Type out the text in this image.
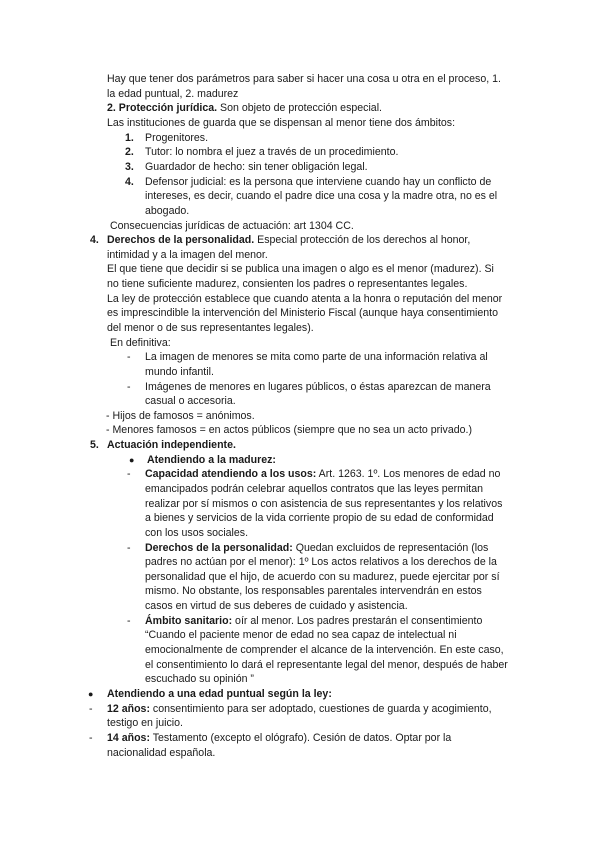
Hay que tener dos parámetros para saber si hacer una cosa u otra en el proceso, 1.
la edad puntual, 2. madurez
2. Protección jurídica. Son objeto de protección especial.
Las instituciones de guarda que se dispensan al menor tiene dos ámbitos:
1. Progenitores.
2. Tutor: lo nombra el juez a través de un procedimiento.
3. Guardador de hecho: sin tener obligación legal.
4. Defensor judicial: es la persona que interviene cuando hay un conflicto de
intereses, es decir, cuando el padre dice una cosa y la madre otra, no es el
abogado.
Consecuencias jurídicas de actuación: art 1304 CC.
4. Derechos de la personalidad. Especial protección de los derechos al honor,
intimidad y a la imagen del menor.
El que tiene que decidir si se publica una imagen o algo es el menor (madurez). Si
no tiene suficiente madurez, consienten los padres o representantes legales.
La ley de protección establece que cuando atenta a la honra o reputación del menor
es imprescindible la intervención del Ministerio Fiscal (aunque haya consentimiento
del menor o de sus representantes legales).
En definitiva:
- La imagen de menores se mita como parte de una información relativa al
mundo infantil.
- Imágenes de menores en lugares públicos, o éstas aparezcan de manera
casual o accesoria.
- Hijos de famosos = anónimos.
- Menores famosos = en actos públicos (siempre que no sea un acto privado.)
5. Actuación independiente.
● Atendiendo a la madurez:
- Capacidad atendiendo a los usos: Art. 1263. 1º. Los menores de edad no
emancipados podrán celebrar aquellos contratos que las leyes permitan
realizar por sí mismos o con asistencia de sus representantes y los relativos
a bienes y servicios de la vida corriente propio de su edad de conformidad
con los usos sociales.
- Derechos de la personalidad: Quedan excluidos de representación (los
padres no actúan por el menor): 1º Los actos relativos a los derechos de la
personalidad que el hijo, de acuerdo con su madurez, puede ejercitar por sí
mismo. No obstante, los responsables parentales intervendrán en estos
casos en virtud de sus deberes de cuidado y asistencia.
- Ámbito sanitario: oír al menor. Los padres prestarán el consentimiento
“Cuando el paciente menor de edad no sea capaz de intelectual ni
emocionalmente de comprender el alcance de la intervención. En este caso,
el consentimiento lo dará el representante legal del menor, después de haber
escuchado su opinión ”
● Atendiendo a una edad puntual según la ley:
- 12 años: consentimiento para ser adoptado, cuestiones de guarda y acogimiento,
testigo en juicio.
- 14 años: Testamento (excepto el ológrafo). Cesión de datos. Optar por la
nacionalidad española.
